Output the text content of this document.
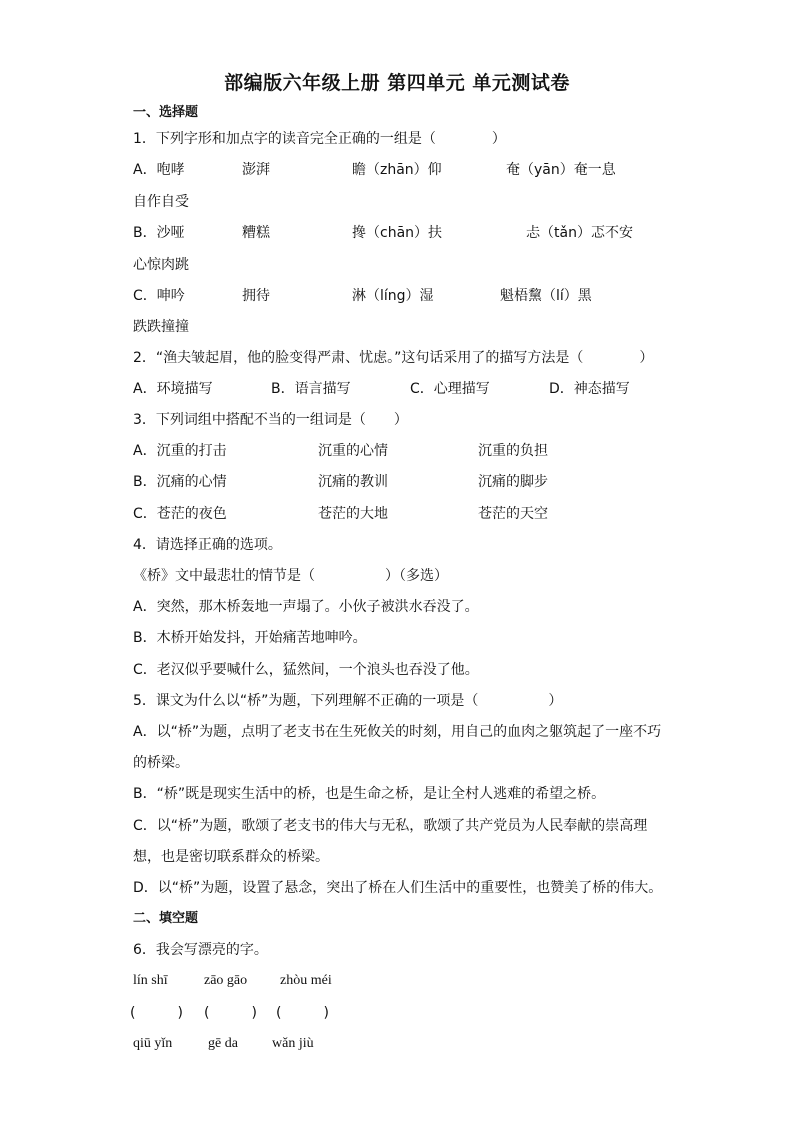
部编版六年级上册 第四单元 单元测试卷
一、选择题
1．下列字形和加点字的读音完全正确的一组是（　　　　）
A．咆哮	澎湃	瞻（zhān）仰	奄（yān）奄一息
自作自受
B．沙哑	糟糕	搀（chān）扶	忐（tǎn）忑不安
心惊肉跳
C．呻吟	拥待	淋（líng）湿	魁梧黧（lí）黑
跌跌撞撞
2．“渔夫皱起眉，他的脸变得严肃、忧虑。”这句话采用了的描写方法是（　　　　）
A．环境描写	B．语言描写	C．心理描写	D．神态描写
3．下列词组中搭配不当的一组词是（　　）
A．沉重的打击	沉重的心情	沉重的负担
B．沉痛的心情	沉痛的教训	沉痛的脚步
C．苍茫的夜色	苍茫的大地	苍茫的天空
4．请选择正确的选项。
《桥》文中最悲壮的情节是（　　　　　）（多选）
A．突然，那木桥轰地一声塌了。小伙子被洪水吞没了。
B．木桥开始发抖，开始痛苦地呻吟。
C．老汉似乎要喊什么，猛然间，一个浪头也吞没了他。
5．课文为什么以“桥”为题，下列理解不正确的一项是（　　　　　）
A．以“桥”为题，点明了老支书在生死攸关的时刻，用自己的血肉之躯筑起了一座不巧
的桥梁。
B．“桥”既是现实生活中的桥，也是生命之桥，是让全村人逃难的希望之桥。
C．以“桥”为题，歌颂了老支书的伟大与无私，歌颂了共产党员为人民奉献的崇高理
想，也是密切联系群众的桥梁。
D．以“桥”为题，设置了悬念，突出了桥在人们生活中的重要性，也赞美了桥的伟大。
二、填空题
6．我会写漂亮的字。
lín shī	zāo gāo zhòu méi
(　　　) (　　　) (　　　)
qiū yǐn	gē da wǎn jiù
